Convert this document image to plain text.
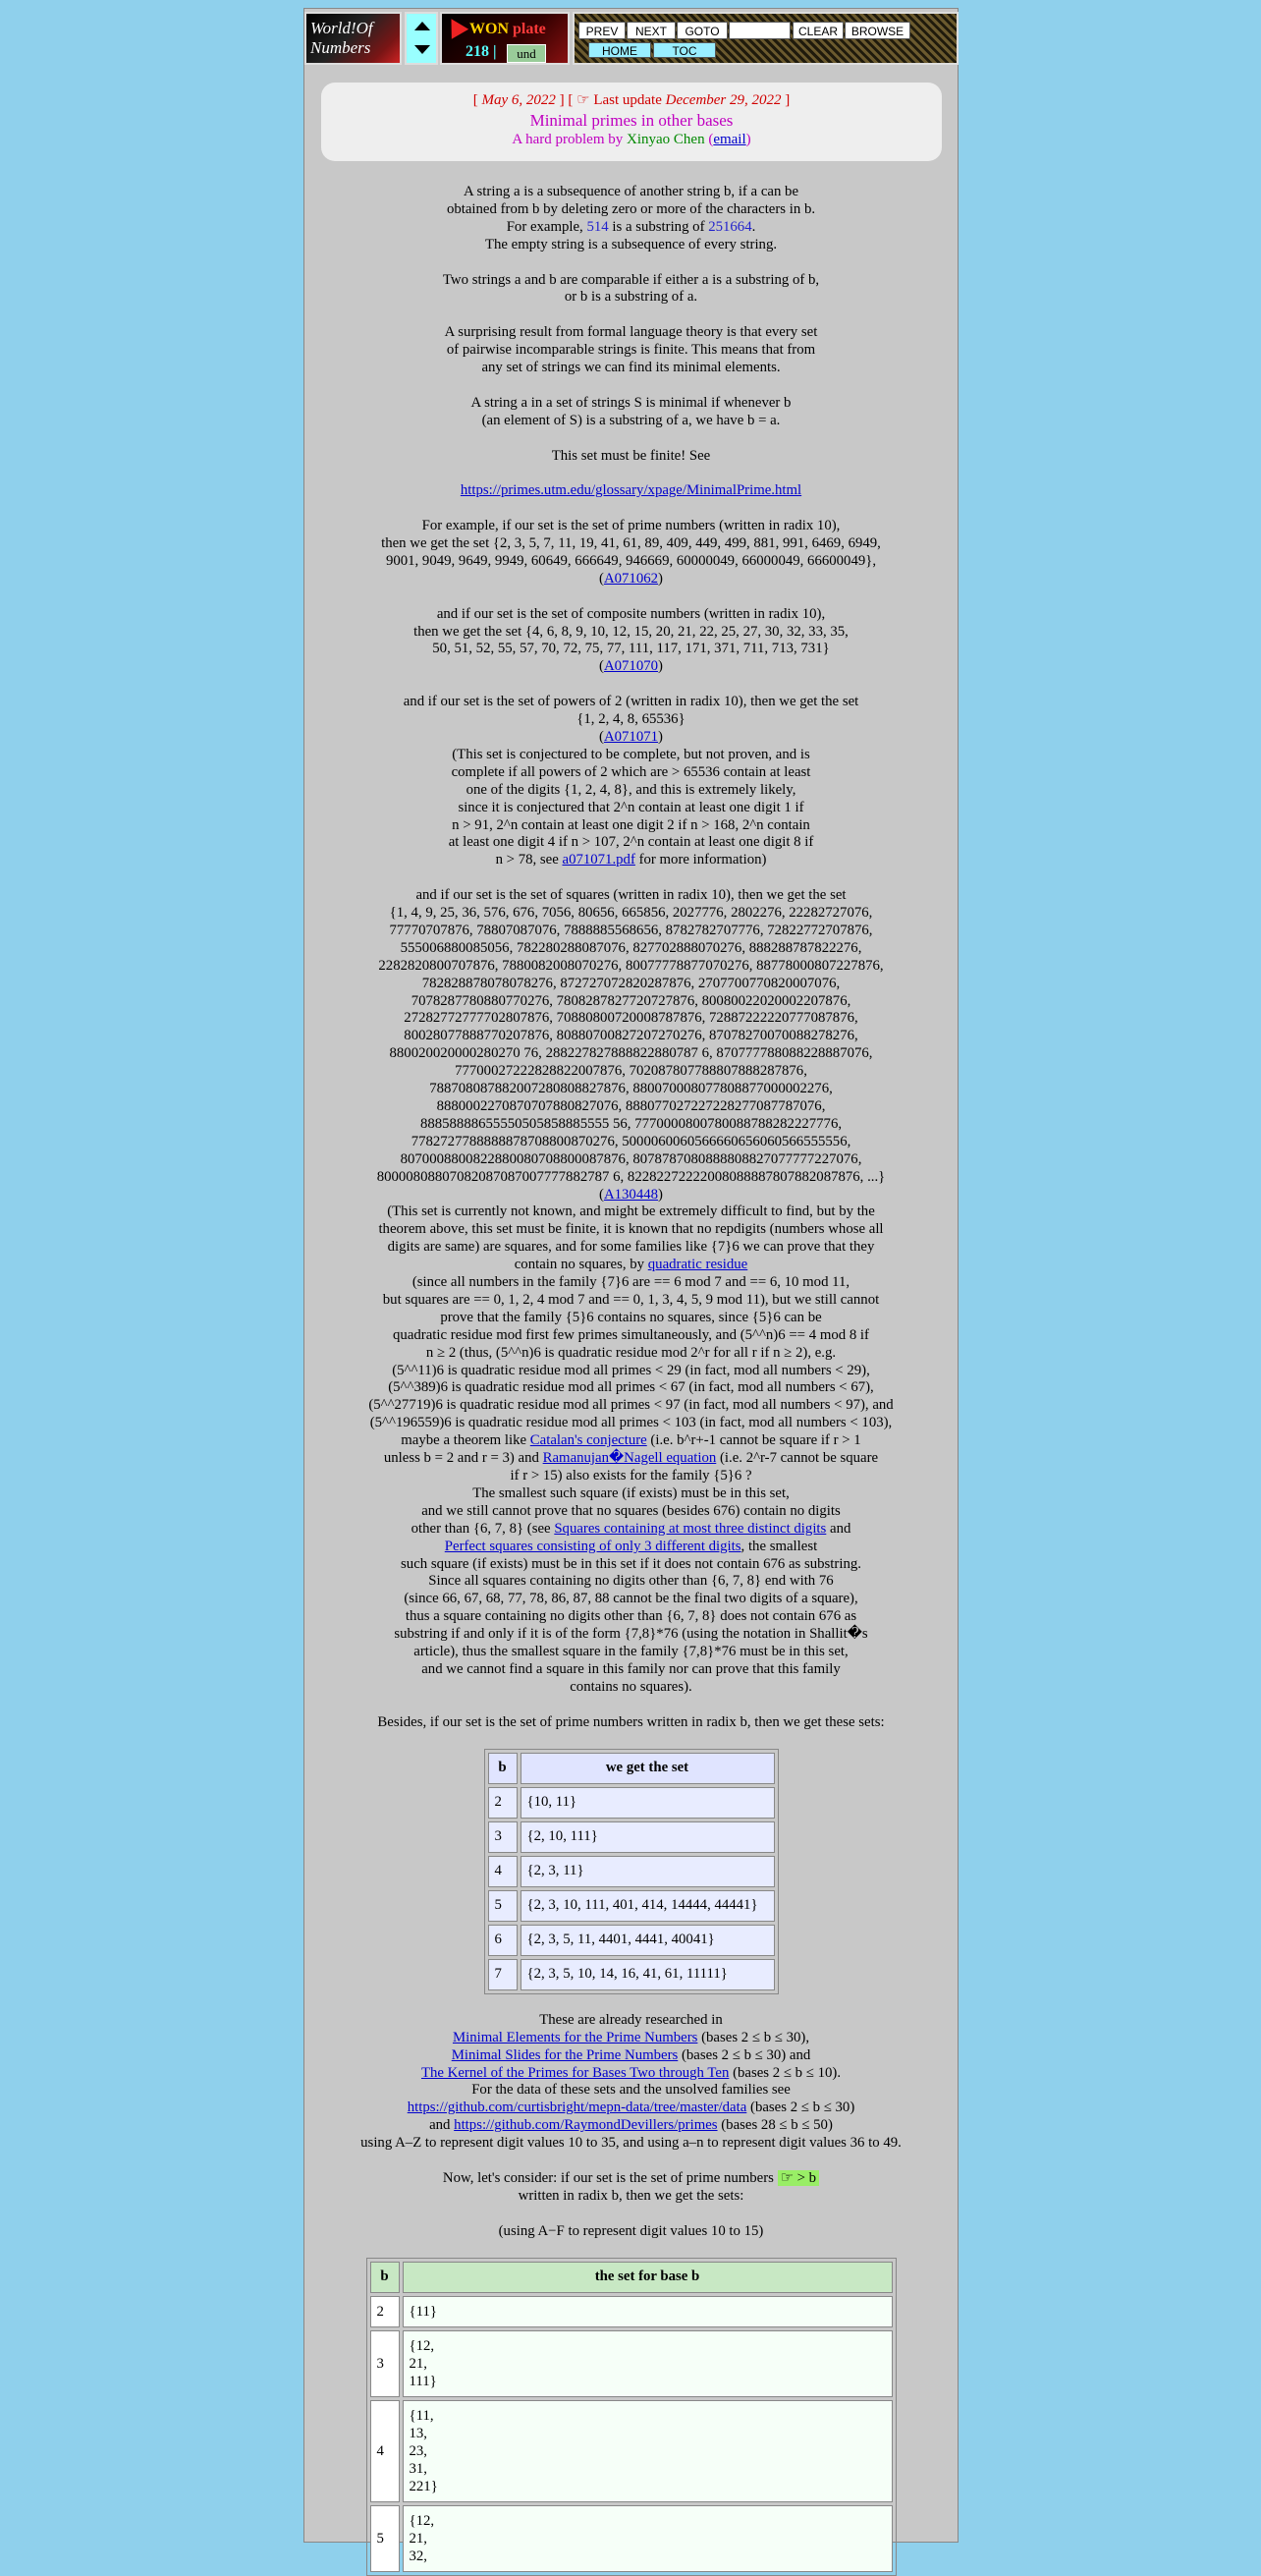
World!Of
Numbers
WON plate
218 |	und
PREV	NEXT	GOTO	CLEAR	BROWSE
HOME	TOC
[ May 6, 2022 ] [ ☞ Last update December 29, 2022 ]
Minimal primes in other bases
A hard problem by Xinyao Chen (email)

A string a is a subsequence of another string b, if a can be
obtained from b by deleting zero or more of the characters in b.
For example, 514 is a substring of 251664.
The empty string is a subsequence of every string.

Two strings a and b are comparable if either a is a substring of b,
or b is a substring of a.

A surprising result from formal language theory is that every set
of pairwise incomparable strings is finite. This means that from
any set of strings we can find its minimal elements.

A string a in a set of strings S is minimal if whenever b
(an element of S) is a substring of a, we have b = a.

This set must be finite! See

https://primes.utm.edu/glossary/xpage/MinimalPrime.html

For example, if our set is the set of prime numbers (written in radix 10),
then we get the set {2, 3, 5, 7, 11, 19, 41, 61, 89, 409, 449, 499, 881, 991, 6469, 6949,
9001, 9049, 9649, 9949, 60649, 666649, 946669, 60000049, 66000049, 66600049},
(A071062)

and if our set is the set of composite numbers (written in radix 10),
then we get the set {4, 6, 8, 9, 10, 12, 15, 20, 21, 22, 25, 27, 30, 32, 33, 35,
50, 51, 52, 55, 57, 70, 72, 75, 77, 111, 117, 171, 371, 711, 713, 731}
(A071070)

and if our set is the set of powers of 2 (written in radix 10), then we get the set
{1, 2, 4, 8, 65536}
(A071071)
(This set is conjectured to be complete, but not proven, and is
complete if all powers of 2 which are > 65536 contain at least
one of the digits {1, 2, 4, 8}, and this is extremely likely,
since it is conjectured that 2^n contain at least one digit 1 if
n > 91, 2^n contain at least one digit 2 if n > 168, 2^n contain
at least one digit 4 if n > 107, 2^n contain at least one digit 8 if
n > 78, see a071071.pdf for more information)

and if our set is the set of squares (written in radix 10), then we get the set
{1, 4, 9, 25, 36, 576, 676, 7056, 80656, 665856, 2027776, 2802276, 22282727076,
77770707876, 78807087076, 7888885568656, 8782782707776, 72822772707876,
555006880085056, 782280288087076, 827702888070276, 888288787822276,
2282820800707876, 7880082008070276, 80077778877070276, 88778000807227876,
782828878078078276, 872727072820287876, 2707700770820007076,
7078287780880770276, 7808287827720727876, 80080022020002207876,
27282772777702807876, 70880800720008787876, 72887222220777087876,
80028077888770207876, 80880700827207270276, 87078270070088278276,
880020020000280270 76, 288227827888822880787 6, 870777788088228887076,
77700027222828822007876, 702087807788807888287876,
788708087882007280808827876, 880070008077808877000002276,
8880002270870707880827076, 888077027227228277087787076,
88858888655550505858885555 56, 7770000800780088788282227776,
7782727788888878708800870276, 5000060060566660656060566555556,
8070008800822880080708800087876, 8078787080888808827077777227076,
80000808807082087087007777882787 6, 82282272222008088887807882087876, ...}
(A130448)
(This set is currently not known, and might be extremely difficult to find, but by the
theorem above, this set must be finite, it is known that no repdigits (numbers whose all
digits are same) are squares, and for some families like {7}6 we can prove that they
contain no squares, by quadratic residue
(since all numbers in the family {7}6 are == 6 mod 7 and == 6, 10 mod 11,
but squares are == 0, 1, 2, 4 mod 7 and == 0, 1, 3, 4, 5, 9 mod 11), but we still cannot
prove that the family {5}6 contains no squares, since {5}6 can be
quadratic residue mod first few primes simultaneously, and (5^^n)6 == 4 mod 8 if
n ≥ 2 (thus, (5^^n)6 is quadratic residue mod 2^r for all r if n ≥ 2), e.g.
(5^^11)6 is quadratic residue mod all primes < 29 (in fact, mod all numbers < 29),
(5^^389)6 is quadratic residue mod all primes < 67 (in fact, mod all numbers < 67),
(5^^27719)6 is quadratic residue mod all primes < 97 (in fact, mod all numbers < 97), and
(5^^196559)6 is quadratic residue mod all primes < 103 (in fact, mod all numbers < 103),
maybe a theorem like Catalan's conjecture (i.e. b^r+-1 cannot be square if r > 1
unless b = 2 and r = 3) and Ramanujan�Nagell equation (i.e. 2^r-7 cannot be square
if r > 15) also exists for the family {5}6 ?
The smallest such square (if exists) must be in this set,
and we still cannot prove that no squares (besides 676) contain no digits
other than {6, 7, 8} (see Squares containing at most three distinct digits and
Perfect squares consisting of only 3 different digits, the smallest
such square (if exists) must be in this set if it does not contain 676 as substring.
Since all squares containing no digits other than {6, 7, 8} end with 76
(since 66, 67, 68, 77, 78, 86, 87, 88 cannot be the final two digits of a square),
thus a square containing no digits other than {6, 7, 8} does not contain 676 as
substring if and only if it is of the form {7,8}*76 (using the notation in Shallit�s
article), thus the smallest square in the family {7,8}*76 must be in this set,
and we cannot find a square in this family nor can prove that this family
contains no squares).

Besides, if our set is the set of prime numbers written in radix b, then we get these sets:

b	we get the set
2	{10, 11}
3	{2, 10, 111}
4	{2, 3, 11}
5	{2, 3, 10, 111, 401, 414, 14444, 44441}
6	{2, 3, 5, 11, 4401, 4441, 40041}
7	{2, 3, 5, 10, 14, 16, 41, 61, 11111}

These are already researched in
Minimal Elements for the Prime Numbers (bases 2 ≤ b ≤ 30),
Minimal Slides for the Prime Numbers (bases 2 ≤ b ≤ 30) and
The Kernel of the Primes for Bases Two through Ten (bases 2 ≤ b ≤ 10).
For the data of these sets and the unsolved families see
https://github.com/curtisbright/mepn-data/tree/master/data (bases 2 ≤ b ≤ 30)
and https://github.com/RaymondDevillers/primes (bases 28 ≤ b ≤ 50)
using A–Z to represent digit values 10 to 35, and using a–n to represent digit values 36 to 49.

Now, let's consider: if our set is the set of prime numbers ☞ > b
written in radix b, then we get the sets:

(using A−F to represent digit values 10 to 15)

b	the set for base b
2	{11}
3	{12,
21,
111}
4	{11,
13,
23,
31,
221}
5	{12,
21,
32,
